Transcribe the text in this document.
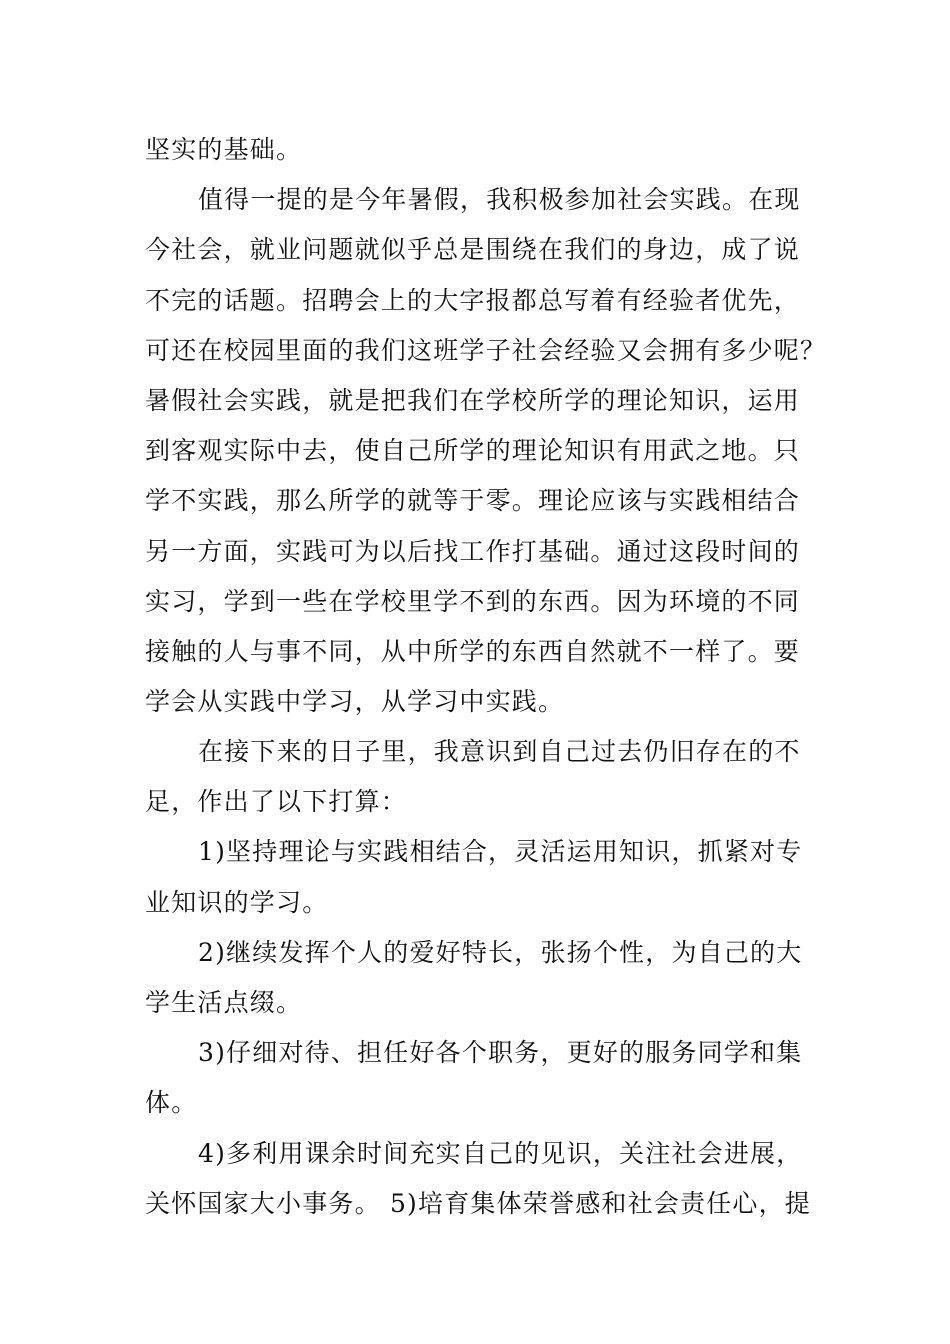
坚实的基础。
值得一提的是今年暑假，我积极参加社会实践。在现
今社会，就业问题就似乎总是围绕在我们的身边，成了说
不完的话题。招聘会上的大字报都总写着有经验者优先，
可还在校园里面的我们这班学子社会经验又会拥有多少呢？
暑假社会实践，就是把我们在学校所学的理论知识，运用
到客观实际中去，使自己所学的理论知识有用武之地。只
学不实践，那么所学的就等于零。理论应该与实践相结合
另一方面，实践可为以后找工作打基础。通过这段时间的
实习，学到一些在学校里学不到的东西。因为环境的不同
接触的人与事不同，从中所学的东西自然就不一样了。要
学会从实践中学习，从学习中实践。
在接下来的日子里，我意识到自己过去仍旧存在的不
足，作出了以下打算：
1)坚持理论与实践相结合，灵活运用知识，抓紧对专
业知识的学习。
2)继续发挥个人的爱好特长，张扬个性，为自己的大
学生活点缀。
3)仔细对待、担任好各个职务，更好的服务同学和集
体。
4)多利用课余时间充实自己的见识，关注社会进展，
关怀国家大小事务。 5)培育集体荣誉感和社会责任心，提
